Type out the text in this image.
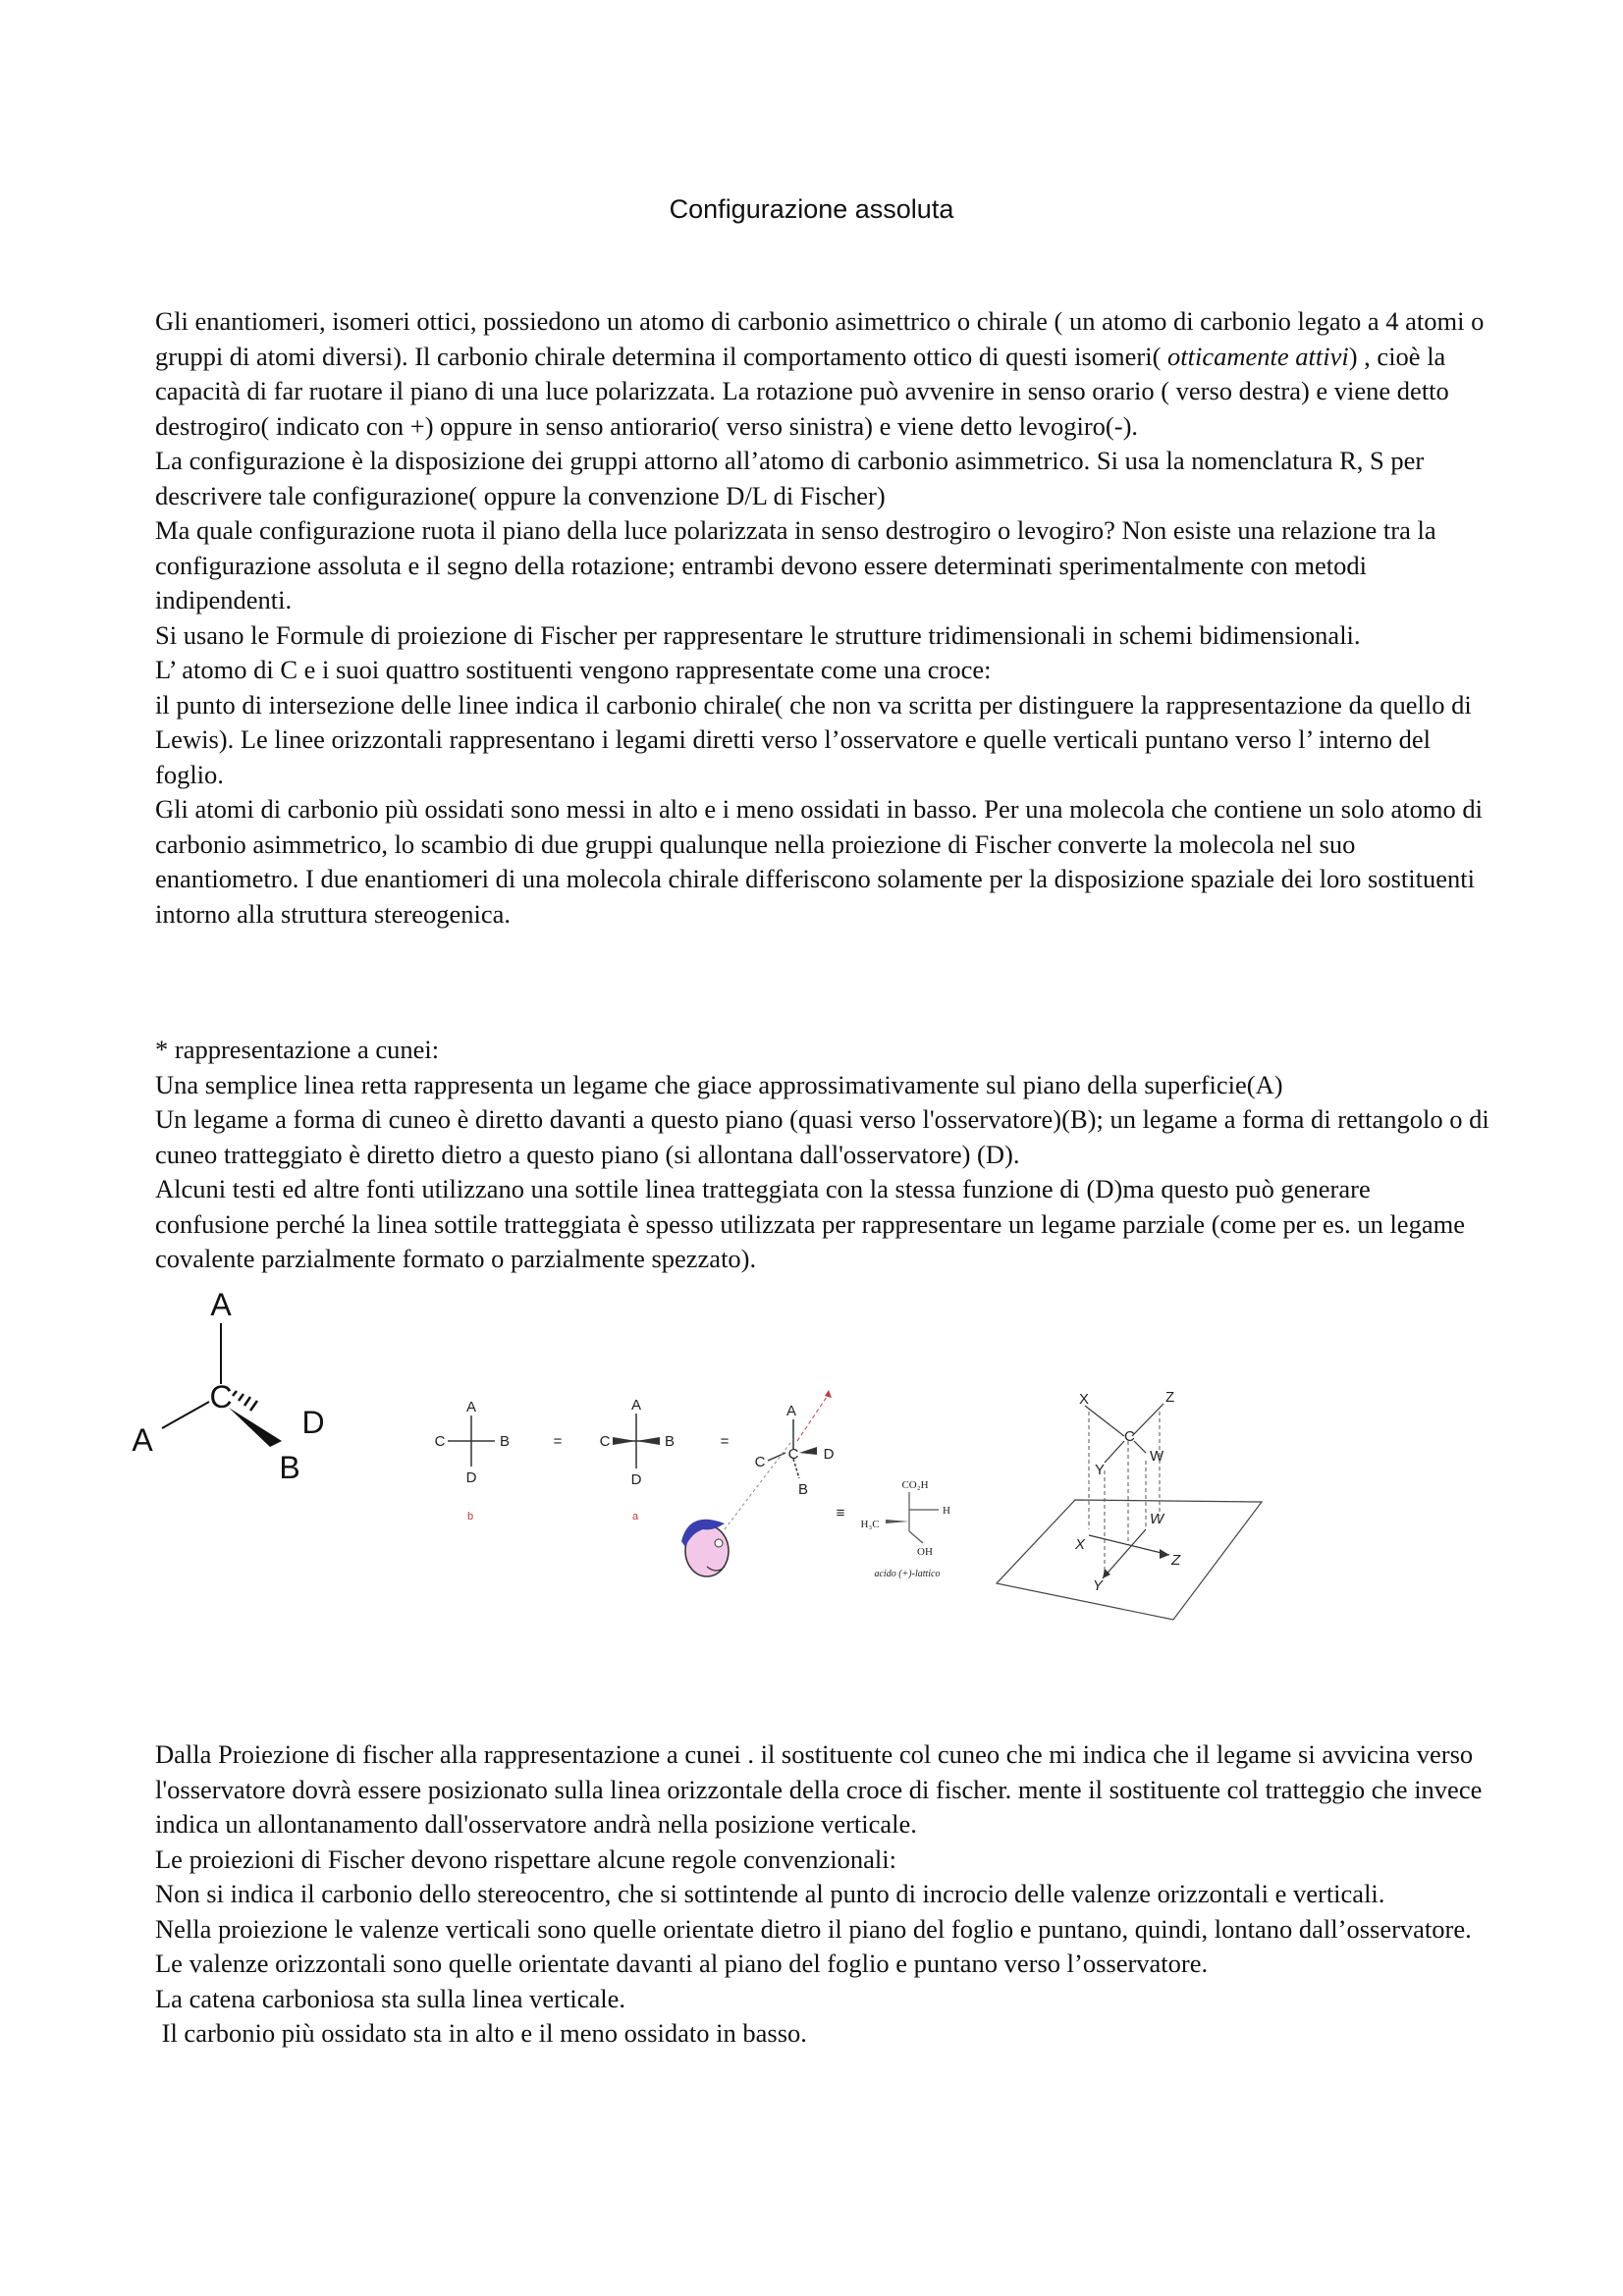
Configurazione assoluta

Gli enantiomeri, isomeri ottici, possiedono un atomo di carbonio asimettrico o chirale ( un atomo di carbonio legato a 4 atomi o gruppi di atomi diversi). Il carbonio chirale determina il comportamento ottico di questi isomeri( otticamente attivi) , cioè la capacità di far ruotare il piano di una luce polarizzata. La rotazione può avvenire in senso orario ( verso destra) e viene detto destrogiro( indicato con +) oppure in senso antiorario( verso sinistra) e viene detto levogiro(-).

La configurazione è la disposizione dei gruppi attorno all’atomo di carbonio asimmetrico. Si usa la nomenclatura R, S per descrivere tale configurazione( oppure la convenzione D/L di Fischer)

Ma quale configurazione ruota il piano della luce polarizzata in senso destrogiro o levogiro? Non esiste una relazione tra la configurazione assoluta e il segno della rotazione; entrambi devono essere determinati sperimentalmente con metodi indipendenti.

Si usano le Formule di proiezione di Fischer per rappresentare le strutture tridimensionali in schemi bidimensionali.

L’ atomo di C e i suoi quattro sostituenti vengono rappresentate come una croce:

il punto di intersezione delle linee indica il carbonio chirale( che non va scritta per distinguere la rappresentazione da quello di Lewis). Le linee orizzontali rappresentano i legami diretti verso l’osservatore e quelle verticali puntano verso l’ interno del foglio.

Gli atomi di carbonio più ossidati sono messi in alto e i meno ossidati in basso. Per una molecola che contiene un solo atomo di carbonio asimmetrico, lo scambio di due gruppi qualunque nella proiezione di Fischer converte la molecola nel suo enantiometro. I due enantiomeri di una molecola chirale differiscono solamente per la disposizione spaziale dei loro sostituenti intorno alla struttura stereogenica.

* rappresentazione a cunei:

Una semplice linea retta rappresenta un legame che giace approssimativamente sul piano della superficie(A)

Un legame a forma di cuneo è diretto davanti a questo piano (quasi verso l'osservatore)(B); un legame a forma di rettangolo o di cuneo tratteggiato è diretto dietro a questo piano (si allontana dall'osservatore) (D).

Alcuni testi ed altre fonti utilizzano una sottile linea tratteggiata con la stessa funzione di (D)ma questo può generare confusione perché la linea sottile tratteggiata è spesso utilizzata per rappresentare un legame parziale (come per es. un legame covalente parzialmente formato o parzialmente spezzato).

A
C
A	D
B
A
C	B
D
b
=
A
C	B
D
a
=
A
C C D
B
≡
CO₂H
H
H₃C
OH
acido (+)-lattico
X	Z
C
Y
W
X
W
Z
Y

Dalla Proiezione di fischer alla rappresentazione a cunei . il sostituente col cuneo che mi indica che il legame si avvicina verso l'osservatore dovrà essere posizionato sulla linea orizzontale della croce di fischer. mente il sostituente col tratteggio che invece indica un allontanamento dall'osservatore andrà nella posizione verticale.

Le proiezioni di Fischer devono rispettare alcune regole convenzionali:

Non si indica il carbonio dello stereocentro, che si sottintende al punto di incrocio delle valenze orizzontali e verticali.

Nella proiezione le valenze verticali sono quelle orientate dietro il piano del foglio e puntano, quindi, lontano dall’osservatore. Le valenze orizzontali sono quelle orientate davanti al piano del foglio e puntano verso l’osservatore.

La catena carboniosa sta sulla linea verticale.

Il carbonio più ossidato sta in alto e il meno ossidato in basso.
